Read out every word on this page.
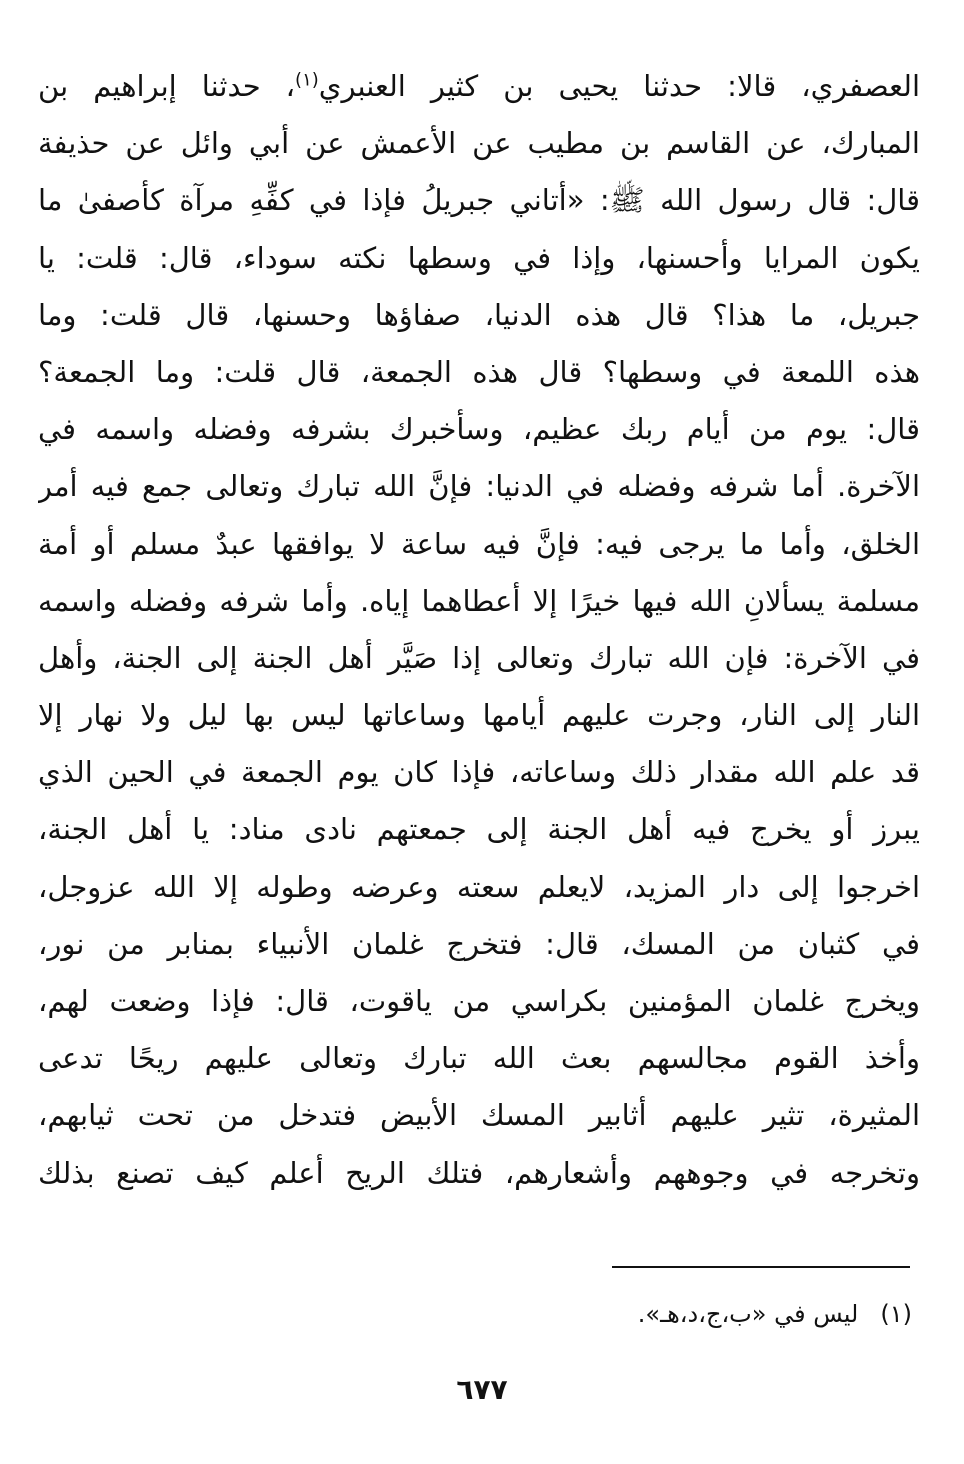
العصفري، قالا: حدثنا يحيى بن كثير العنبري$^{(١)}$، حدثنا إبراهيم بن
المبارك، عن القاسم بن مطيب عن الأعمش عن أبي وائل عن حذيفة
قال: قال رسول الله ﷺ: «أتاني جبريلُ فإذا في كفِّهِ مرآة كأصفىٰ ما
يكون المرايا وأحسنها، وإذا في وسطها نكته سوداء، قال: قلت: يا
جبريل، ما هذا؟ قال هذه الدنيا، صفاؤها وحسنها، قال قلت: وما
هذه اللمعة في وسطها؟ قال هذه الجمعة، قال قلت: وما الجمعة؟
قال: يوم من أيام ربك عظيم، وسأخبرك بشرفه وفضله واسمه في
الآخرة. أما شرفه وفضله في الدنيا: فإنَّ الله تبارك وتعالى جمع فيه أمر
الخلق، وأما ما يرجى فيه: فإنَّ فيه ساعة لا يوافقها عبدٌ مسلم أو أمة
مسلمة يسألانِ الله فيها خيرًا إلا أعطاهما إياه. وأما شرفه وفضله واسمه
في الآخرة: فإن الله تبارك وتعالى إذا صَيَّر أهل الجنة إلى الجنة، وأهل
النار إلى النار، وجرت عليهم أيامها وساعاتها ليس بها ليل ولا نهار إلا
قد علم الله مقدار ذلك وساعاته، فإذا كان يوم الجمعة في الحين الذي
يبرز أو يخرج فيه أهل الجنة إلى جمعتهم نادى مناد: يا أهل الجنة،
اخرجوا إلى دار المزيد، لايعلم سعته وعرضه وطوله إلا الله عزوجل،
في كثبان من المسك، قال: فتخرج غلمان الأنبياء بمنابر من نور،
ويخرج غلمان المؤمنين بكراسي من ياقوت، قال: فإذا وضعت لهم،
وأخذ القوم مجالسهم بعث الله تبارك وتعالى عليهم ريحًا تدعى
المثيرة، تثير عليهم أثابير المسك الأبيض فتدخل من تحت ثيابهم،
وتخرجه في وجوههم وأشعارهم، فتلك الريح أعلم كيف تصنع بذلك
(١)ليس في «ب،ج،د،هـ».
٦٧٧
